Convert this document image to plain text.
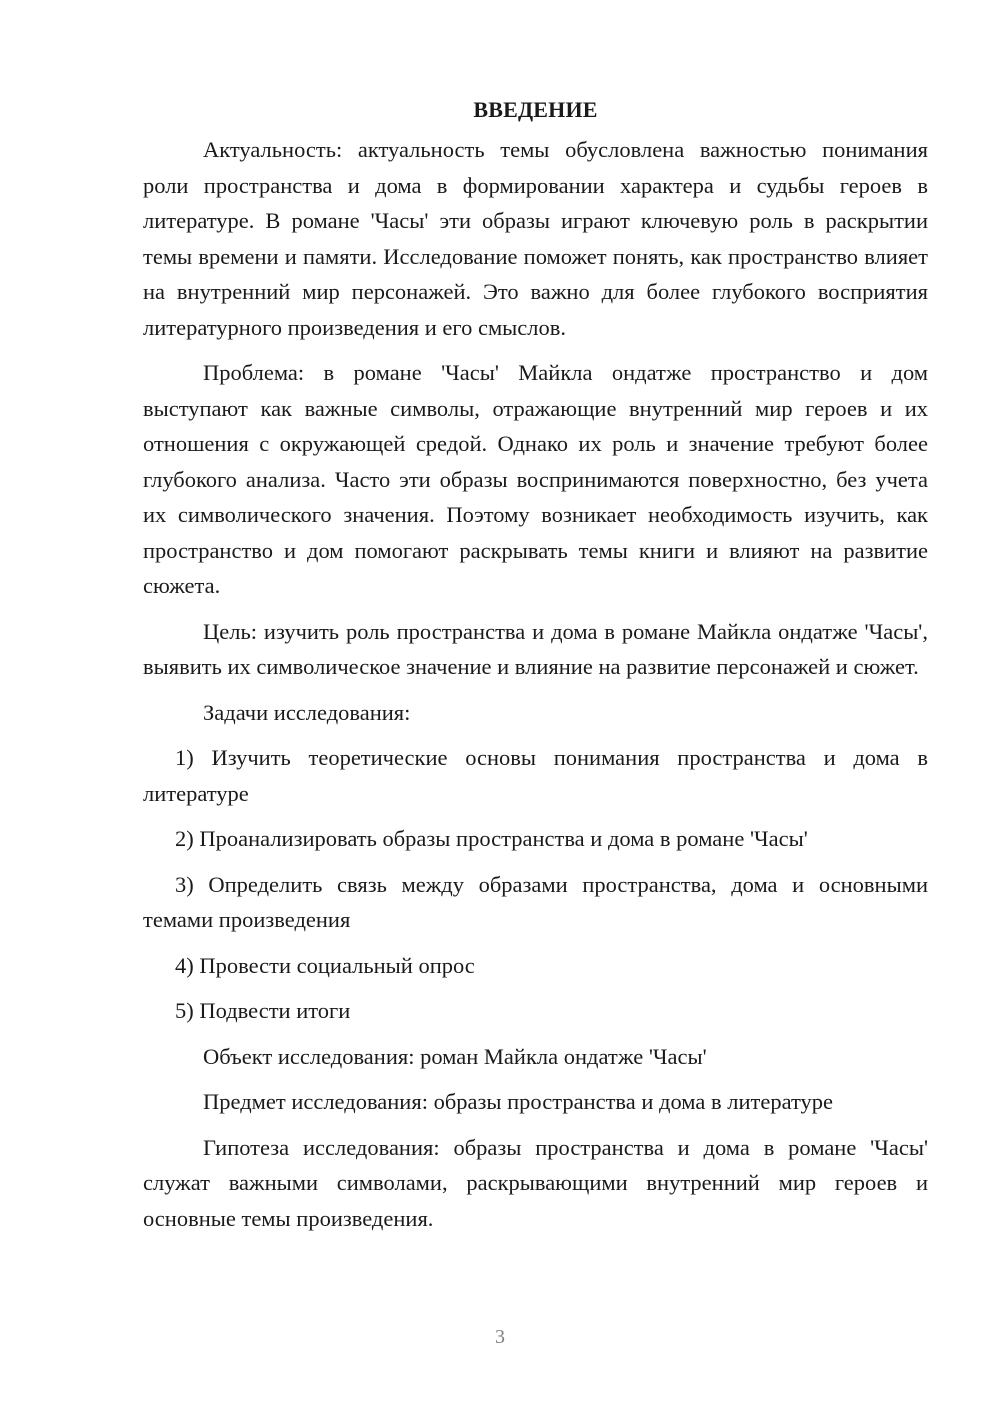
ВВЕДЕНИЕ

Актуальность: актуальность темы обусловлена важностью понимания роли пространства и дома в формировании характера и судьбы героев в литературе. В романе 'Часы' эти образы играют ключевую роль в раскрытии темы времени и памяти. Исследование поможет понять, как пространство влияет на внутренний мир персонажей. Это важно для более глубокого восприятия литературного произведения и его смыслов.

Проблема: в романе 'Часы' Майкла ондатже пространство и дом выступают как важные символы, отражающие внутренний мир героев и их отношения с окружающей средой. Однако их роль и значение требуют более глубокого анализа. Часто эти образы воспринимаются поверхностно, без учета их символического значения. Поэтому возникает необходимость изучить, как пространство и дом помогают раскрывать темы книги и влияют на развитие сюжета.

Цель: изучить роль пространства и дома в романе Майкла ондатже 'Часы', выявить их символическое значение и влияние на развитие персонажей и сюжет.

Задачи исследования:

1) Изучить теоретические основы понимания пространства и дома в литературе

2) Проанализировать образы пространства и дома в романе 'Часы'

3) Определить связь между образами пространства, дома и основными темами произведения

4) Провести социальный опрос

5) Подвести итоги

Объект исследования: роман Майкла ондатже 'Часы'

Предмет исследования: образы пространства и дома в литературе

Гипотеза исследования: образы пространства и дома в романе 'Часы' служат важными символами, раскрывающими внутренний мир героев и основные темы произведения.

3
